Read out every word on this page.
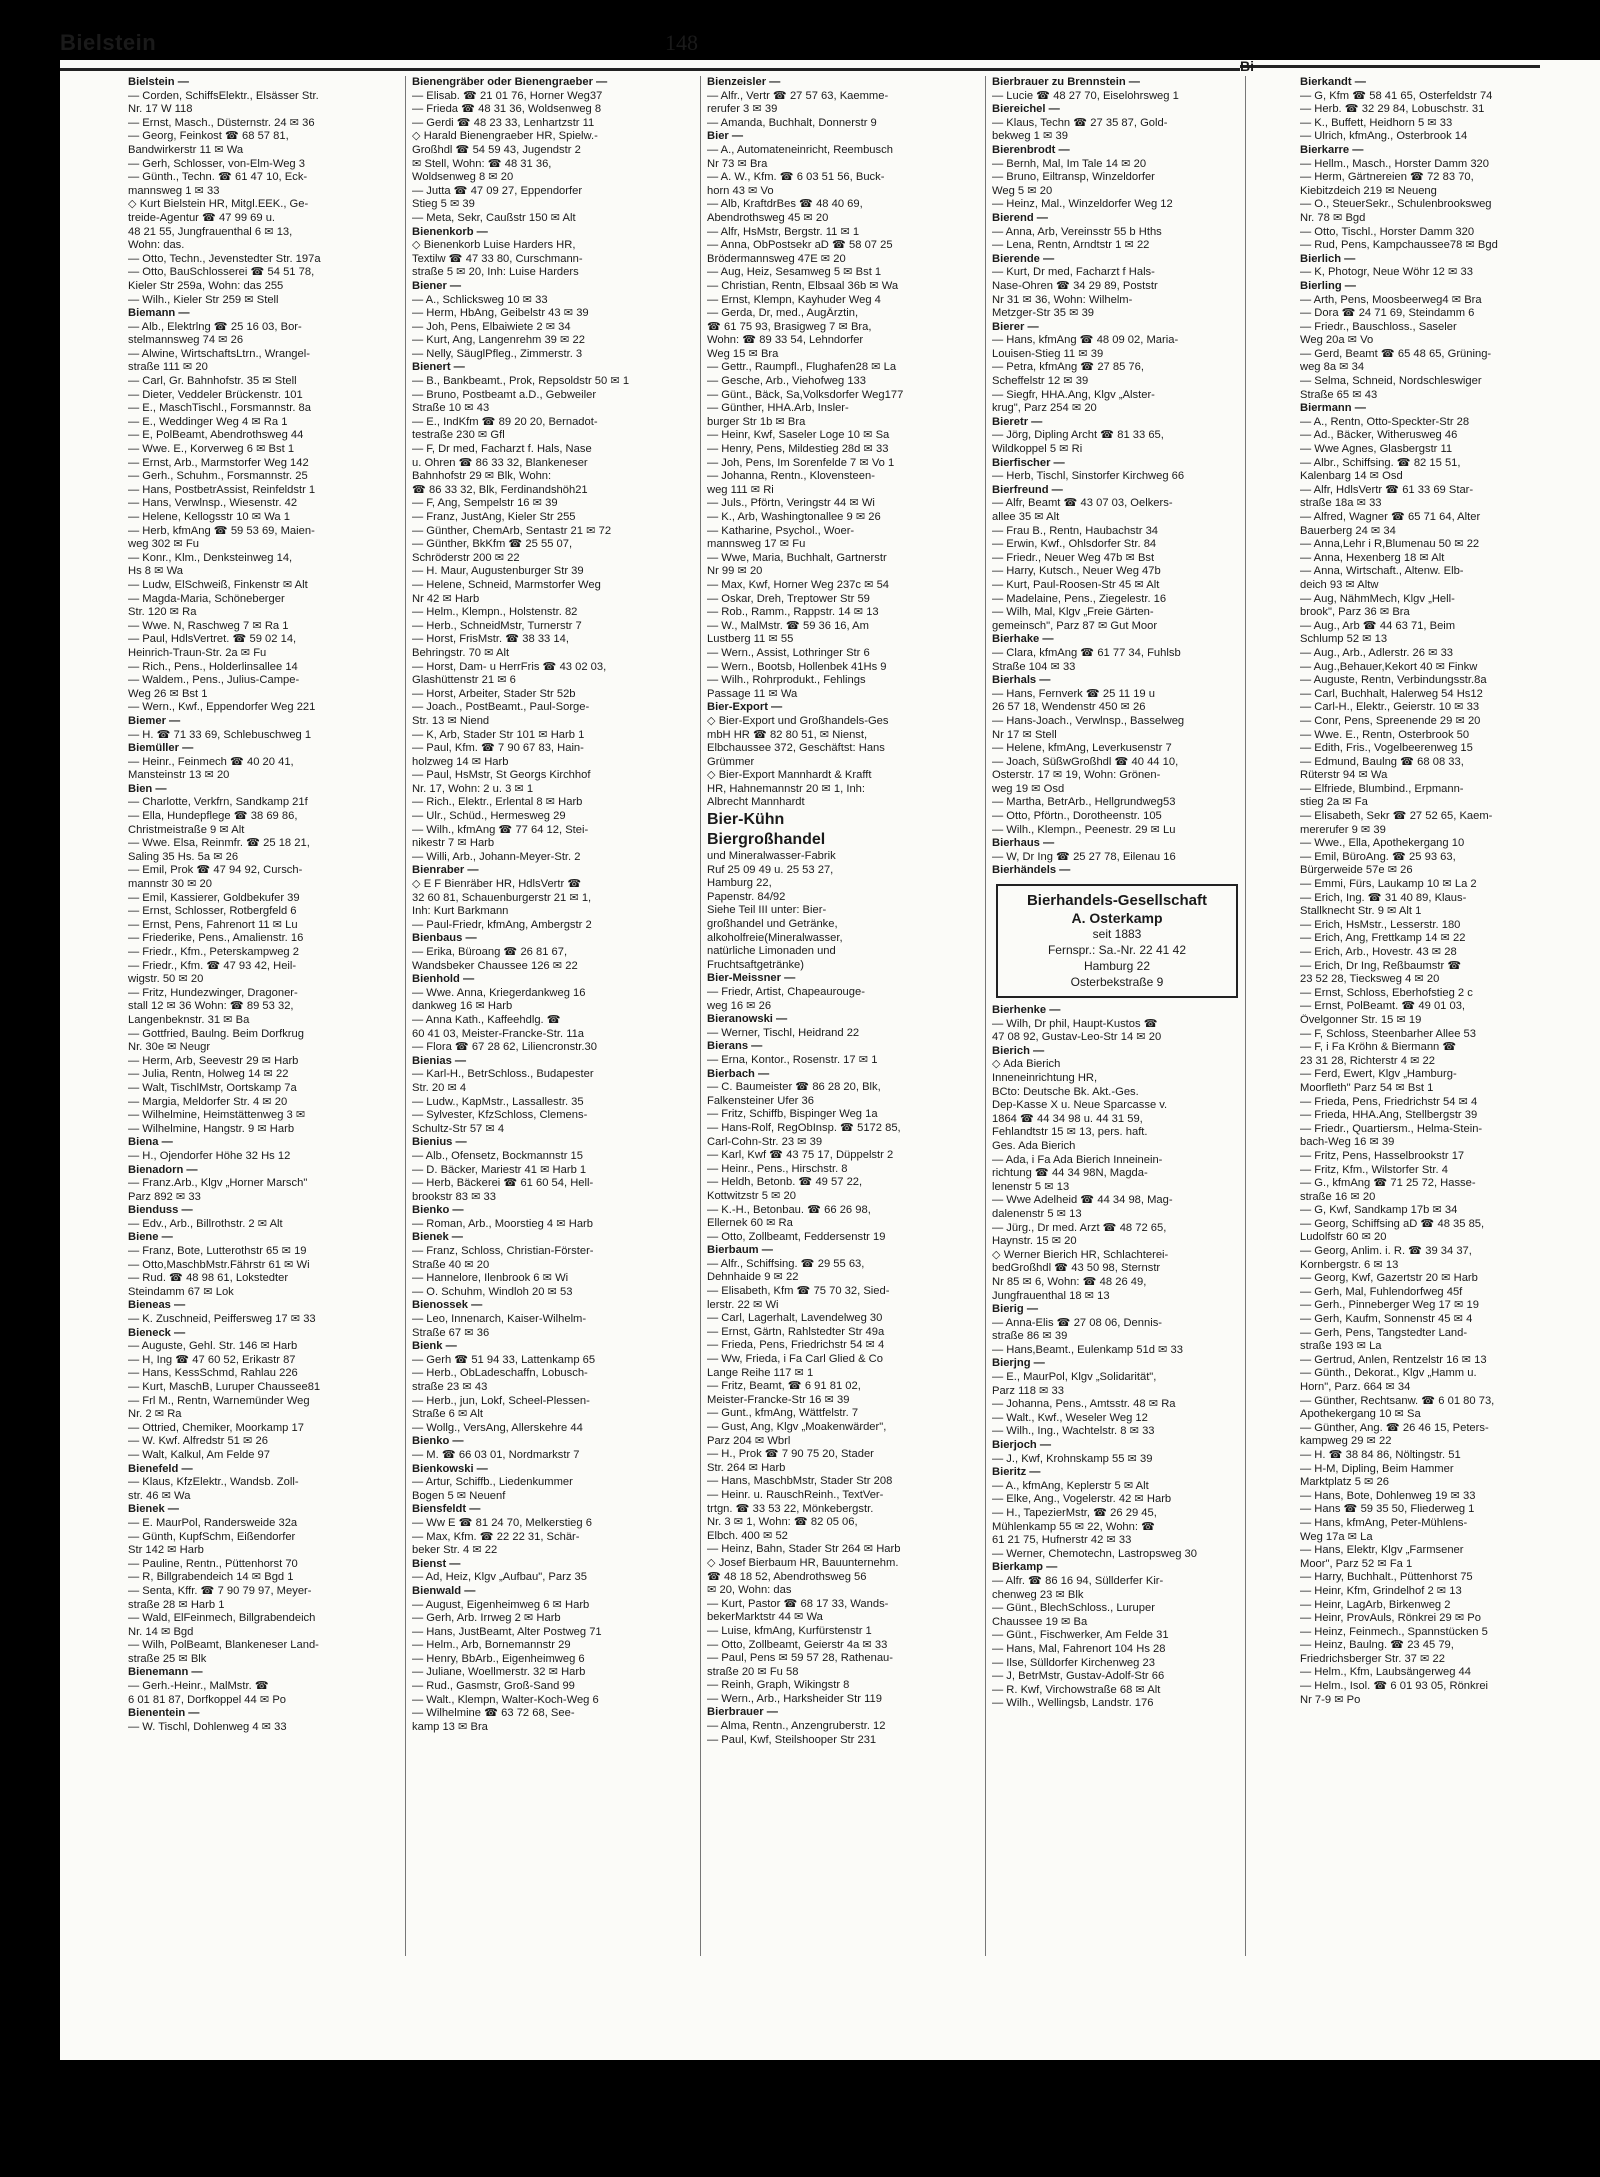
Bielstein	148
Bi
Bielstein —
— Corden, SchiffsElektr., Elsässer Str.
Nr. 17 W 118
— Ernst, Masch., Düsternstr. 24 ✉ 36
— Georg, Feinkost ☎ 68 57 81,
Bandwirkerstr 11 ✉ Wa
— Gerh, Schlosser, von-Elm-Weg 3
— Günth., Techn. ☎ 61 47 10, Eck-
mannsweg 1 ✉ 33
◇ Kurt Bielstein HR, Mitgl.EEK., Ge-
treide-Agentur ☎ 47 99 69 u.
48 21 55, Jungfrauenthal 6 ✉ 13,
Wohn: das.
— Otto, Techn., Jevenstedter Str. 197a
— Otto, BauSchlosserei ☎ 54 51 78,
Kieler Str 259a, Wohn: das 255
— Wilh., Kieler Str 259 ✉ Stell
Biemann —
— Alb., Elektrlng ☎ 25 16 03, Bor-
stelmannsweg 74 ✉ 26
— Alwine, WirtschaftsLtrn., Wrangel-
straße 111 ✉ 20
— Carl, Gr. Bahnhofstr. 35 ✉ Stell
— Dieter, Veddeler Brückenstr. 101
— E., MaschTischl., Forsmannstr. 8a
— E., Weddinger Weg 4 ✉ Ra 1
— E, PolBeamt, Abendrothsweg 44
— Wwe. E., Korverweg 6 ✉ Bst 1
— Ernst, Arb., Marmstorfer Weg 142
— Gerh., Schuhm., Forsmannstr. 25
— Hans, PostbetrAssist, Reinfeldstr 1
— Hans, Verwlnsp., Wiesenstr. 42
— Helene, Kellogsstr 10 ✉ Wa 1
— Herb, kfmAng ☎ 59 53 69, Maien-
weg 302 ✉ Fu
— Konr., Klm., Denksteinweg 14,
Hs 8 ✉ Wa
— Ludw, ElSchweiß, Finkenstr ✉ Alt
— Magda-Maria, Schöneberger
Str. 120 ✉ Ra
— Wwe. N, Raschweg 7 ✉ Ra 1
— Paul, HdlsVertret. ☎ 59 02 14,
Heinrich-Traun-Str. 2a ✉ Fu
— Rich., Pens., Holderlinsallee 14
— Waldem., Pens., Julius-Campe-
Weg 26 ✉ Bst 1
— Wern., Kwf., Eppendorfer Weg 221
Biemer —
— H. ☎ 71 33 69, Schlebuschweg 1
Biemüller —
— Heinr., Feinmech ☎ 40 20 41,
Mansteinstr 13 ✉ 20
Bien —
— Charlotte, Verkfrn, Sandkamp 21f
— Ella, Hundepflege ☎ 38 69 86,
Christmeistraße 9 ✉ Alt
— Wwe. Elsa, Reinmfr. ☎ 25 18 21,
Saling 35 Hs. 5a ✉ 26
— Emil, Prok ☎ 47 94 92, Cursch-
mannstr 30 ✉ 20
— Emil, Kassierer, Goldbekufer 39
— Ernst, Schlosser, Rotbergfeld 6
— Ernst, Pens, Fahrenort 11 ✉ Lu
— Friederike, Pens., Amalienstr. 16
— Friedr., Kfm., Peterskampweg 2
— Friedr., Kfm. ☎ 47 93 42, Heil-
wigstr. 50 ✉ 20
— Fritz, Hundezwinger, Dragoner-
stall 12 ✉ 36 Wohn: ☎ 89 53 32,
Langenbeknstr. 31 ✉ Ba
— Gottfried, Baulng. Beim Dorfkrug
Nr. 30e ✉ Neugr
— Herm, Arb, Seevestr 29 ✉ Harb
— Julia, Rentn, Holweg 14 ✉ 22
— Walt, TischlMstr, Oortskamp 7a
— Margia, Meldorfer Str. 4 ✉ 20
— Wilhelmine, Heimstättenweg 3 ✉
— Wilhelmine, Hangstr. 9 ✉ Harb
Biena —
— H., Ojendorfer Höhe 32 Hs 12
Bienadorn —
— Franz.Arb., Klgv „Horner Marsch"
Parz 892 ✉ 33
Bienduss —
— Edv., Arb., Billrothstr. 2 ✉ Alt
Biene —
— Franz, Bote, Lutterothstr 65 ✉ 19
— Otto,MaschbMstr.Fährstr 61 ✉ Wi
— Rud. ☎ 48 98 61, Lokstedter
Steindamm 67 ✉ Lok
Bieneas —
— K. Zuschneid, Peiffersweg 17 ✉ 33
Bieneck —
— Auguste, Gehl. Str. 146 ✉ Harb
— H, Ing ☎ 47 60 52, Erikastr 87
— Hans, KessSchmd, Rahlau 226
— Kurt, MaschB, Luruper Chaussee81
— Frl M., Rentn, Warnemünder Weg
Nr. 2 ✉ Ra
— Ottried, Chemiker, Moorkamp 17
— W. Kwf. Alfredstr 51 ✉ 26
— Walt, Kalkul, Am Felde 97
Bienefeld —
— Klaus, KfzElektr., Wandsb. Zoll-
str. 46 ✉ Wa
Bienek —
— E. MaurPol, Randersweide 32a
— Günth, KupfSchm, Eißendorfer
Str 142 ✉ Harb
— Pauline, Rentn., Püttenhorst 70
— R, Billgrabendeich 14 ✉ Bgd 1
— Senta, Kffr. ☎ 7 90 79 97, Meyer-
straße 28 ✉ Harb 1
— Wald, ElFeinmech, Billgrabendeich
Nr. 14 ✉ Bgd
— Wilh, PolBeamt, Blankeneser Land-
straße 25 ✉ Blk
Bienemann —
— Gerh.-Heinr., MalMstr. ☎
6 01 81 87, Dorfkoppel 44 ✉ Po
Bienentein —
— W. Tischl, Dohlenweg 4 ✉ 33
Bienengräber oder Bienengraeber —
— Elisab. ☎ 21 01 76, Horner Weg37
— Frieda ☎ 48 31 36, Woldsenweg 8
— Gerdi ☎ 48 23 33, Lenhartzstr 11
◇ Harald Bienengraeber HR, Spielw.-
Großhdl ☎ 54 59 43, Jugendstr 2
✉ Stell, Wohn: ☎ 48 31 36,
Woldsenweg 8 ✉ 20
— Jutta ☎ 47 09 27, Eppendorfer
Stieg 5 ✉ 39
— Meta, Sekr, Caußstr 150 ✉ Alt
Bienenkorb —
◇ Bienenkorb Luise Harders HR,
Textilw ☎ 47 33 80, Curschmann-
straße 5 ✉ 20, Inh: Luise Harders
Biener —
— A., Schlicksweg 10 ✉ 33
— Herm, HbAng, Geibelstr 43 ✉ 39
— Joh, Pens, Elbaiwiete 2 ✉ 34
— Kurt, Ang, Langenrehm 39 ✉ 22
— Nelly, SäuglPfleg., Zimmerstr. 3
Bienert —
— B., Bankbeamt., Prok, Repsoldstr 50 ✉ 1
— Bruno, Postbeamt a.D., Gebweiler
Straße 10 ✉ 43
— E., IndKfm ☎ 89 20 20, Bernadot-
testraße 230 ✉ Gfl
— F, Dr med, Facharzt f. Hals, Nase
u. Ohren ☎ 86 33 32, Blankeneser
Bahnhofstr 29 ✉ Blk, Wohn:
☎ 86 33 32, Blk, Ferdinandshöh21
— F, Ang, Sempelstr 16 ✉ 39
— Franz, JustAng, Kieler Str 255
— Günther, ChemArb, Sentastr 21 ✉ 72
— Günther, BkKfm ☎ 25 55 07,
Schröderstr 200 ✉ 22
— H. Maur, Augustenburger Str 39
— Helene, Schneid, Marmstorfer Weg
Nr 42 ✉ Harb
— Helm., Klempn., Holstenstr. 82
— Herb., SchneidMstr, Turnerstr 7
— Horst, FrisMstr. ☎ 38 33 14,
Behringstr. 70 ✉ Alt
— Horst, Dam- u HerrFris ☎ 43 02 03,
Glashüttenstr 21 ✉ 6
— Horst, Arbeiter, Stader Str 52b
— Joach., PostBeamt., Paul-Sorge-
Str. 13 ✉ Niend
— K, Arb, Stader Str 101 ✉ Harb 1
— Paul, Kfm. ☎ 7 90 67 83, Hain-
holzweg 14 ✉ Harb
— Paul, HsMstr, St Georgs Kirchhof
Nr. 17, Wohn: 2 u. 3 ✉ 1
— Rich., Elektr., Erlental 8 ✉ Harb
— Ulr., Schüd., Hermesweg 29
— Wilh., kfmAng ☎ 77 64 12, Stei-
nikestr 7 ✉ Harb
— Willi, Arb., Johann-Meyer-Str. 2
Bienraber —
◇ E F Bienräber HR, HdlsVertr ☎
32 60 81, Schauenburgerstr 21 ✉ 1,
Inh: Kurt Barkmann
— Paul-Friedr, kfmAng, Ambergstr 2
Bienbaus —
— Erika, Büroang ☎ 26 81 67,
Wandsbeker Chaussee 126 ✉ 22
Bienhold —
— Wwe. Anna, Kriegerdankweg 16
dankweg 16 ✉ Harb
— Anna Kath., Kaffeehdlg. ☎
60 41 03, Meister-Francke-Str. 11a
— Flora ☎ 67 28 62, Liliencronstr.30
Bienias —
— Karl-H., BetrSchloss., Budapester
Str. 20 ✉ 4
— Ludw., KapMstr., Lassallestr. 35
— Sylvester, KfzSchloss, Clemens-
Schultz-Str 57 ✉ 4
Bienius —
— Alb., Ofensetz, Bockmannstr 15
— D. Bäcker, Mariestr 41 ✉ Harb 1
— Herb, Bäckerei ☎ 61 60 54, Hell-
brookstr 83 ✉ 33
Bienko —
— Roman, Arb., Moorstieg 4 ✉ Harb
Bienek —
— Franz, Schloss, Christian-Förster-
Straße 40 ✉ 20
— Hannelore, Ilenbrook 6 ✉ Wi
— O. Schuhm, Windloh 20 ✉ 53
Bienossek —
— Leo, Innenarch, Kaiser-Wilhelm-
Straße 67 ✉ 36
Bienk —
— Gerh ☎ 51 94 33, Lattenkamp 65
— Herb., ObLadeschaffn, Lobusch-
straße 23 ✉ 43
— Herb., jun, Lokf, Scheel-Plessen-
Straße 6 ✉ Alt
— Wollg., VersAng, Allerskehre 44
Bienko —
— M. ☎ 66 03 01, Nordmarkstr 7
Bienkowski —
— Artur, Schiffb., Liedenkummer
Bogen 5 ✉ Neuenf
Biensfeldt —
— Ww E ☎ 81 24 70, Melkerstieg 6
— Max, Kfm. ☎ 22 22 31, Schär-
beker Str. 4 ✉ 22
Bienst —
— Ad, Heiz, Klgv „Aufbau", Parz 35
Bienwald —
— August, Eigenheimweg 6 ✉ Harb
— Gerh, Arb. Irrweg 2 ✉ Harb
— Hans, JustBeamt, Alter Postweg 71
— Helm., Arb, Bornemannstr 29
— Henry, BbArb., Eigenheimweg 6
— Juliane, Woellmerstr. 32 ✉ Harb
— Rud., Gasmstr, Groß-Sand 99
— Walt., Klempn, Walter-Koch-Weg 6
— Wilhelmine ☎ 63 72 68, See-
kamp 13 ✉ Bra
Bienzeisler —
— Alfr., Vertr ☎ 27 57 63, Kaemme-
rerufer 3 ✉ 39
— Amanda, Buchhalt, Donnerstr 9
Bier —
— A., Automateneinricht, Reembusch
Nr 73 ✉ Bra
— A. W., Kfm. ☎ 6 03 51 56, Buck-
horn 43 ✉ Vo
— Alb, KraftdrBes ☎ 48 40 69,
Abendrothsweg 45 ✉ 20
— Alfr, HsMstr, Bergstr. 11 ✉ 1
— Anna, ObPostsekr aD ☎ 58 07 25
Brödermannsweg 47E ✉ 20
— Aug, Heiz, Sesamweg 5 ✉ Bst 1
— Christian, Rentn, Elbsaal 36b ✉ Wa
— Ernst, Klempn, Kayhuder Weg 4
— Gerda, Dr, med., AugÄrztin,
☎ 61 75 93, Brasigweg 7 ✉ Bra,
Wohn: ☎ 89 33 54, Lehndorfer
Weg 15 ✉ Bra
— Gettr., Raumpfl., Flughafen28 ✉ La
— Gesche, Arb., Viehofweg 133
— Günt., Bäck, Sa,Volksdorfer Weg177
— Günther, HHA.Arb, Insler-
burger Str 1b ✉ Bra
— Heinr, Kwf, Saseler Loge 10 ✉ Sa
— Henry, Pens, Mildestieg 28d ✉ 33
— Joh, Pens, Im Sorenfelde 7 ✉ Vo 1
— Johanna, Rentn., Klovensteen-
weg 111 ✉ Ri
— Juls., Pförtn, Veringstr 44 ✉ Wi
— K., Arb, Washingtonallee 9 ✉ 26
— Katharine, Psychol., Woer-
mannsweg 17 ✉ Fu
— Wwe, Maria, Buchhalt, Gartnerstr
Nr 99 ✉ 20
— Max, Kwf, Horner Weg 237c ✉ 54
— Oskar, Dreh, Treptower Str 59
— Rob., Ramm., Rappstr. 14 ✉ 13
— W., MalMstr. ☎ 59 36 16, Am
Lustberg 11 ✉ 55
— Wern., Assist, Lothringer Str 6
— Wern., Bootsb, Hollenbek 41Hs 9
— Wilh., Rohrprodukt., Fehlings
Passage 11 ✉ Wa
Bier-Export —
◇ Bier-Export und Großhandels-Ges
mbH HR ☎ 82 80 51, ✉ Nienst,
Elbchaussee 372, Geschäftst: Hans
Grümmer
◇ Bier-Export Mannhardt & Krafft
HR, Hahnemannstr 20 ✉ 1, Inh:
Albrecht Mannhardt
Bier-Kühn
Biergroßhandel
und Mineralwasser-Fabrik
Ruf 25 09 49 u. 25 53 27,
Hamburg 22,
Papenstr. 84/92
Siehe Teil III unter: Bier-
großhandel und Getränke,
alkoholfreie(Mineralwasser,
natürliche Limonaden und
Fruchtsaftgetränke)
Bier-Meissner —
— Friedr, Artist, Chapeaurouge-
weg 16 ✉ 26
Bieranowski —
— Werner, Tischl, Heidrand 22
Bierans —
— Erna, Kontor., Rosenstr. 17 ✉ 1
Bierbach —
— C. Baumeister ☎ 86 28 20, Blk,
Falkensteiner Ufer 36
— Fritz, Schiffb, Bispinger Weg 1a
— Hans-Rolf, RegObInsp. ☎ 5172 85,
Carl-Cohn-Str. 23 ✉ 39
— Karl, Kwf ☎ 43 75 17, Düppelstr 2
— Heinr., Pens., Hirschstr. 8
— Heldh, Betonb. ☎ 49 57 22,
Kottwitzstr 5 ✉ 20
— K.-H., Betonbau. ☎ 66 26 98,
Ellernek 60 ✉ Ra
— Otto, Zollbeamt, Feddersenstr 19
Bierbaum —
— Alfr., Schiffsing. ☎ 29 55 63,
Dehnhaide 9 ✉ 22
— Elisabeth, Kfm ☎ 75 70 32, Sied-
lerstr. 22 ✉ Wi
— Carl, Lagerhalt, Lavendelweg 30
— Ernst, Gärtn, Rahlstedter Str 49a
— Frieda, Pens, Friedrichstr 54 ✉ 4
— Ww, Frieda, i Fa Carl Glied & Co
Lange Reihe 117 ✉ 1
— Fritz, Beamt, ☎ 6 91 81 02,
Meister-Francke-Str 16 ✉ 39
— Gunt., kfmAng, Wättfelstr. 7
— Gust, Ang, Klgv „Moakenwärder",
Parz 204 ✉ Wbrl
— H., Prok ☎ 7 90 75 20, Stader
Str. 264 ✉ Harb
— Hans, MaschbMstr, Stader Str 208
— Heinr. u. RauschReinh., TextVer-
trtgn. ☎ 33 53 22, Mönkebergstr.
Nr. 3 ✉ 1, Wohn: ☎ 82 05 06,
Elbch. 400 ✉ 52
— Heinz, Bahn, Stader Str 264 ✉ Harb
◇ Josef Bierbaum HR, Bauunternehm.
☎ 48 18 52, Abendrothsweg 56
✉ 20, Wohn: das
— Kurt, Pastor ☎ 68 17 33, Wands-
bekerMarktstr 44 ✉ Wa
— Luise, kfmAng, Kurfürstenstr 1
— Otto, Zollbeamt, Geierstr 4a ✉ 33
— Paul, Pens ✉ 59 57 28, Rathenau-
straße 20 ✉ Fu 58
— Reinh, Graph, Wikingstr 8
— Wern., Arb., Harksheider Str 119
Bierbrauer —
— Alma, Rentn., Anzengruberstr. 12
— Paul, Kwf, Steilshooper Str 231
Bierbrauer zu Brennstein —
— Lucie ☎ 48 27 70, Eiselohrsweg 1
Biereichel —
— Klaus, Techn ☎ 27 35 87, Gold-
bekweg 1 ✉ 39
Bierenbrodt —
— Bernh, Mal, Im Tale 14 ✉ 20
— Bruno, Eiltransp, Winzeldorfer
Weg 5 ✉ 20
— Heinz, Mal., Winzeldorfer Weg 12
Bierend —
— Anna, Arb, Vereinsstr 55 b Hths
— Lena, Rentn, Arndtstr 1 ✉ 22
Bierende —
— Kurt, Dr med, Facharzt f Hals-
Nase-Ohren ☎ 34 29 89, Poststr
Nr 31 ✉ 36, Wohn: Wilhelm-
Metzger-Str 35 ✉ 39
Bierer —
— Hans, kfmAng ☎ 48 09 02, Maria-
Louisen-Stieg 11 ✉ 39
— Petra, kfmAng ☎ 27 85 76,
Scheffelstr 12 ✉ 39
— Siegfr, HHA.Ang, Klgv „Alster-
krug", Parz 254 ✉ 20
Bieretr —
— Jörg, Dipling Archt ☎ 81 33 65,
Wildkoppel 5 ✉ Ri
Bierfischer —
— Herb, Tischl, Sinstorfer Kirchweg 66
Bierfreund —
— Alfr, Beamt ☎ 43 07 03, Oelkers-
allee 35 ✉ Alt
— Frau B., Rentn, Haubachstr 34
— Erwin, Kwf., Ohlsdorfer Str. 84
— Friedr., Neuer Weg 47b ✉ Bst
— Harry, Kutsch., Neuer Weg 47b
— Kurt, Paul-Roosen-Str 45 ✉ Alt
— Madelaine, Pens., Ziegelestr. 16
— Wilh, Mal, Klgv „Freie Gärten-
gemeinsch", Parz 87 ✉ Gut Moor
Bierhake —
— Clara, kfmAng ☎ 61 77 34, Fuhlsb
Straße 104 ✉ 33
Bierhals —
— Hans, Fernverk ☎ 25 11 19 u
26 57 18, Wendenstr 450 ✉ 26
— Hans-Joach., Verwlnsp., Basselweg
Nr 17 ✉ Stell
— Helene, kfmAng, Leverkusenstr 7
— Joach, SüßwGroßhdl ☎ 40 44 10,
Osterstr. 17 ✉ 19, Wohn: Grönen-
weg 19 ✉ Osd
— Martha, BetrArb., Hellgrundweg53
— Otto, Pförtn., Dorotheenstr. 105
— Wilh., Klempn., Peenestr. 29 ✉ Lu
Bierhaus —
— W, Dr Ing ☎ 25 27 78, Eilenau 16
Bierhändels —
Bierhandels-Gesellschaft
A. Osterkamp
seit 1883
Fernspr.: Sa.-Nr. 22 41 42
Hamburg 22
Osterbekstraße 9
Bierhenke —
— Wilh, Dr phil, Haupt-Kustos ☎
47 08 92, Gustav-Leo-Str 14 ✉ 20
Bierich —
◇ Ada Bierich
Inneneinrichtung HR,
BCto: Deutsche Bk. Akt.-Ges.
Dep-Kasse X u. Neue Sparcasse v.
1864 ☎ 44 34 98 u. 44 31 59,
Fehlandtstr 15 ✉ 13, pers. haft.
Ges. Ada Bierich
— Ada, i Fa Ada Bierich Inneinein-
richtung ☎ 44 34 98N, Magda-
lenenstr 5 ✉ 13
— Wwe Adelheid ☎ 44 34 98, Mag-
dalenenstr 5 ✉ 13
— Jürg., Dr med. Arzt ☎ 48 72 65,
Haynstr. 15 ✉ 20
◇ Werner Bierich HR, Schlachterei-
bedGroßhdl ☎ 43 50 98, Sternstr
Nr 85 ✉ 6, Wohn: ☎ 48 26 49,
Jungfrauenthal 18 ✉ 13
Bierig —
— Anna-Elis ☎ 27 08 06, Dennis-
straße 86 ✉ 39
— Hans,Beamt., Eulenkamp 51d ✉ 33
Bierjng —
— E., MaurPol, Klgv „Solidarität",
Parz 118 ✉ 33
— Johanna, Pens., Amtsstr. 48 ✉ Ra
— Walt., Kwf., Weseler Weg 12
— Wilh., Ing., Wachtelstr. 8 ✉ 33
Bierjoch —
— J., Kwf, Krohnskamp 55 ✉ 39
Bieritz —
— A., kfmAng, Keplerstr 5 ✉ Alt
— Elke, Ang., Vogelerstr. 42 ✉ Harb
— H., TapezierMstr, ☎ 26 29 45,
Mühlenkamp 55 ✉ 22, Wohn: ☎
61 21 75, Hufnerstr 42 ✉ 33
— Werner, Chemotechn, Lastropsweg 30
Bierkamp —
— Alfr. ☎ 86 16 94, Süllderfer Kir-
chenweg 23 ✉ Blk
— Günt., BlechSchloss., Luruper
Chaussee 19 ✉ Ba
— Günt., Fischwerker, Am Felde 31
— Hans, Mal, Fahrenort 104 Hs 28
— Ilse, Sülldorfer Kirchenweg 23
— J, BetrMstr, Gustav-Adolf-Str 66
— R. Kwf, Virchowstraße 68 ✉ Alt
— Wilh., Wellingsb, Landstr. 176
Bierkandt —
— G, Kfm ☎ 58 41 65, Osterfeldstr 74
— Herb. ☎ 32 29 84, Lobuschstr. 31
— K., Buffett, Heidhorn 5 ✉ 33
— Ulrich, kfmAng., Osterbrook 14
Bierkarre —
— Hellm., Masch., Horster Damm 320
— Herm, Gärtnereien ☎ 72 83 70,
Kiebitzdeich 219 ✉ Neueng
— O., SteuerSekr., Schulenbrooksweg
Nr. 78 ✉ Bgd
— Otto, Tischl., Horster Damm 320
— Rud, Pens, Kampchaussee78 ✉ Bgd
Bierlich —
— K, Photogr, Neue Wöhr 12 ✉ 33
Bierling —
— Arth, Pens, Moosbeerweg4 ✉ Bra
— Dora ☎ 24 71 69, Steindamm 6
— Friedr., Bauschloss., Saseler
Weg 20a ✉ Vo
— Gerd, Beamt ☎ 65 48 65, Grüning-
weg 8a ✉ 34
— Selma, Schneid, Nordschleswiger
Straße 65 ✉ 43
Biermann —
— A., Rentn, Otto-Speckter-Str 28
— Ad., Bäcker, Witherusweg 46
— Wwe Agnes, Glasbergstr 11
— Albr., Schiffsing. ☎ 82 15 51,
Kalenbarg 14 ✉ Osd
— Alfr, HdlsVertr ☎ 61 33 69 Star-
straße 18a ✉ 33
— Alfred, Wagner ☎ 65 71 64, Alter
Bauerberg 24 ✉ 34
— Anna,Lehr i R,Blumenau 50 ✉ 22
— Anna, Hexenberg 18 ✉ Alt
— Anna, Wirtschaft., Altenw. Elb-
deich 93 ✉ Altw
— Aug, NähmMech, Klgv „Hell-
brook", Parz 36 ✉ Bra
— Aug., Arb ☎ 44 63 71, Beim
Schlump 52 ✉ 13
— Aug., Arb., Adlerstr. 26 ✉ 33
— Aug.,Behauer,Kekort 40 ✉ Finkw
— Auguste, Rentn, Verbindungsstr.8a
— Carl, Buchhalt, Halerweg 54 Hs12
— Carl-H., Elektr., Geierstr. 10 ✉ 33
— Conr, Pens, Spreenende 29 ✉ 20
— Wwe. E., Rentn, Osterbrook 50
— Edith, Fris., Vogelbeerenweg 15
— Edmund, Baulng ☎ 68 08 33,
Rüterstr 94 ✉ Wa
— Elfriede, Blumbind., Erpmann-
stieg 2a ✉ Fa
— Elisabeth, Sekr ☎ 27 52 65, Kaem-
mererufer 9 ✉ 39
— Wwe., Ella, Apothekergang 10
— Emil, BüroAng. ☎ 25 93 63,
Bürgerweide 57e ✉ 26
— Emmi, Fürs, Laukamp 10 ✉ La 2
— Erich, Ing. ☎ 31 40 89, Klaus-
Stallknecht Str. 9 ✉ Alt 1
— Erich, HsMstr., Lesserstr. 180
— Erich, Ang, Frettkamp 14 ✉ 22
— Erich, Arb., Hovestr. 43 ✉ 28
— Erich, Dr Ing, Reßbaumstr ☎
23 52 28, Tiecksweg 4 ✉ 20
— Ernst, Schloss, Eberhofstieg 2 c
— Ernst, PolBeamt. ☎ 49 01 03,
Övelgonner Str. 15 ✉ 19
— F, Schloss, Steenbarher Allee 53
— F, i Fa Kröhn & Biermann ☎
23 31 28, Richterstr 4 ✉ 22
— Ferd, Ewert, Klgv „Hamburg-
Moorfleth" Parz 54 ✉ Bst 1
— Frieda, Pens, Friedrichstr 54 ✉ 4
— Frieda, HHA.Ang, Stellbergstr 39
— Friedr., Quartiersm., Helma-Stein-
bach-Weg 16 ✉ 39
— Fritz, Pens, Hasselbrookstr 17
— Fritz, Kfm., Wilstorfer Str. 4
— G., kfmAng ☎ 71 25 72, Hasse-
straße 16 ✉ 20
— G, Kwf, Sandkamp 17b ✉ 34
— Georg, Schiffsing aD ☎ 48 35 85,
Ludolfstr 60 ✉ 20
— Georg, Anlim. i. R. ☎ 39 34 37,
Kornbergstr. 6 ✉ 13
— Georg, Kwf, Gazertstr 20 ✉ Harb
— Gerh, Mal, Fuhlendorfweg 45f
— Gerh., Pinneberger Weg 17 ✉ 19
— Gerh, Kaufm, Sonnenstr 45 ✉ 4
— Gerh, Pens, Tangstedter Land-
straße 193 ✉ La
— Gertrud, Anlen, Rentzelstr 16 ✉ 13
— Günth., Dekorat., Klgv „Hamm u.
Horn", Parz. 664 ✉ 34
— Günther, Rechtsanw. ☎ 6 01 80 73,
Apothekergang 10 ✉ Sa
— Günther, Ang. ☎ 26 46 15, Peters-
kampweg 29 ✉ 22
— H. ☎ 38 84 86, Nöltingstr. 51
— H-M, Dipling, Beim Hammer
Marktplatz 5 ✉ 26
— Hans, Bote, Dohlenweg 19 ✉ 33
— Hans ☎ 59 35 50, Fliederweg 1
— Hans, kfmAng, Peter-Mühlens-
Weg 17a ✉ La
— Hans, Elektr, Klgv „Farmsener
Moor", Parz 52 ✉ Fa 1
— Harry, Buchhalt., Püttenhorst 75
— Heinr, Kfm, Grindelhof 2 ✉ 13
— Heinr, LagArb, Birkenweg 2
— Heinr, ProvAuls, Rönkrei 29 ✉ Po
— Heinz, Feinmech., Spannstücken 5
— Heinz, Baulng. ☎ 23 45 79,
Friedrichsberger Str. 37 ✉ 22
— Helm., Kfm, Laubsängerweg 44
— Helm., Isol. ☎ 6 01 93 05, Rönkrei
Nr 7-9 ✉ Po
